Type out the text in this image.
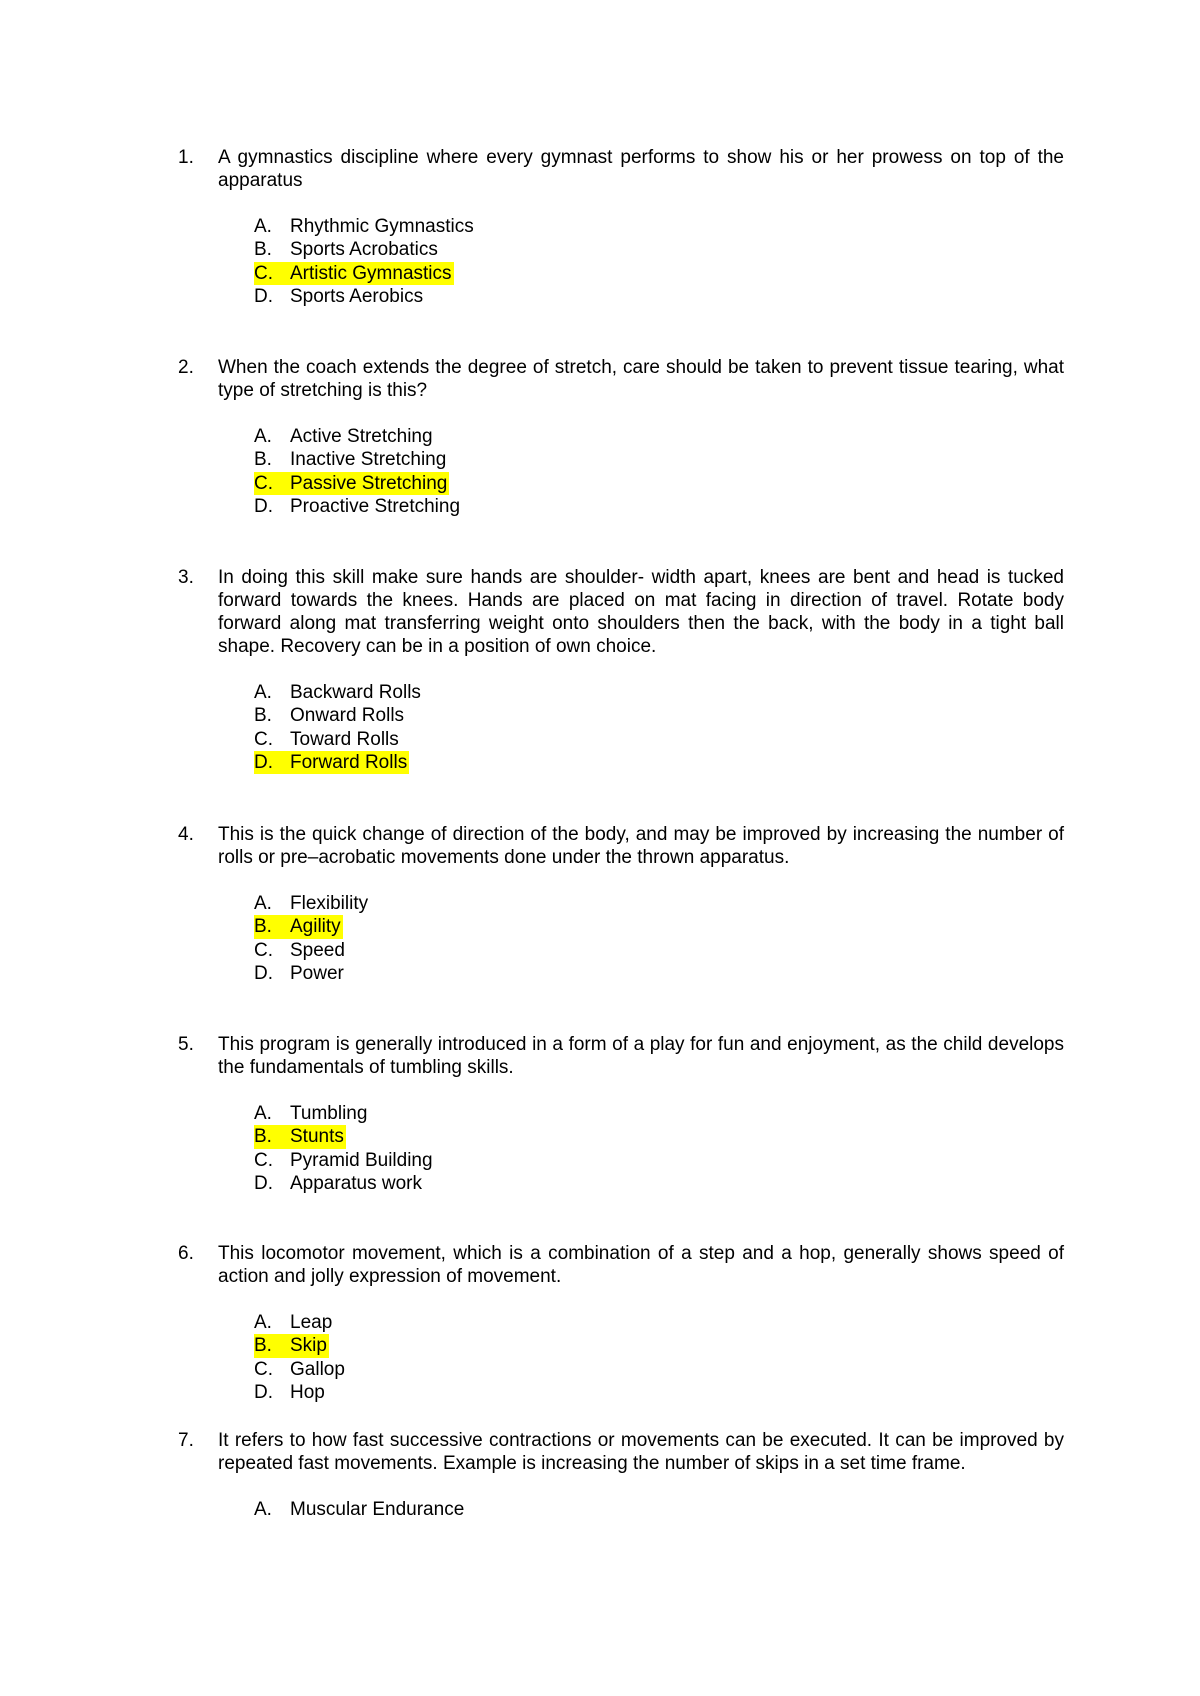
1.	A gymnastics discipline where every gymnast performs to show his or her prowess on top of the apparatus
A. Rhythmic Gymnastics
B. Sports Acrobatics
C. Artistic Gymnastics
D. Sports Aerobics
2.	When the coach extends the degree of stretch, care should be taken to prevent tissue tearing, what type of stretching is this?
A. Active Stretching
B. Inactive Stretching
C. Passive Stretching
D. Proactive Stretching
3.	In doing this skill make sure hands are shoulder- width apart, knees are bent and head is tucked forward towards the knees. Hands are placed on mat facing in direction of travel. Rotate body forward along mat transferring weight onto shoulders then the back, with the body in a tight ball shape. Recovery can be in a position of own choice.
A. Backward Rolls
B. Onward Rolls
C. Toward Rolls
D. Forward Rolls
4.	This is the quick change of direction of the body, and may be improved by increasing the number of rolls or pre–acrobatic movements done under the thrown apparatus.
A. Flexibility
B. Agility
C. Speed
D. Power
5.	This program is generally introduced in a form of a play for fun and enjoyment, as the child develops the fundamentals of tumbling skills.
A. Tumbling
B. Stunts
C. Pyramid Building
D. Apparatus work
6.	This locomotor movement, which is a combination of a step and a hop, generally shows speed of action and jolly expression of movement.
A. Leap
B. Skip
C. Gallop
D. Hop
7.	It refers to how fast successive contractions or movements can be executed. It can be improved by repeated fast movements. Example is increasing the number of skips in a set time frame.
A. Muscular Endurance
